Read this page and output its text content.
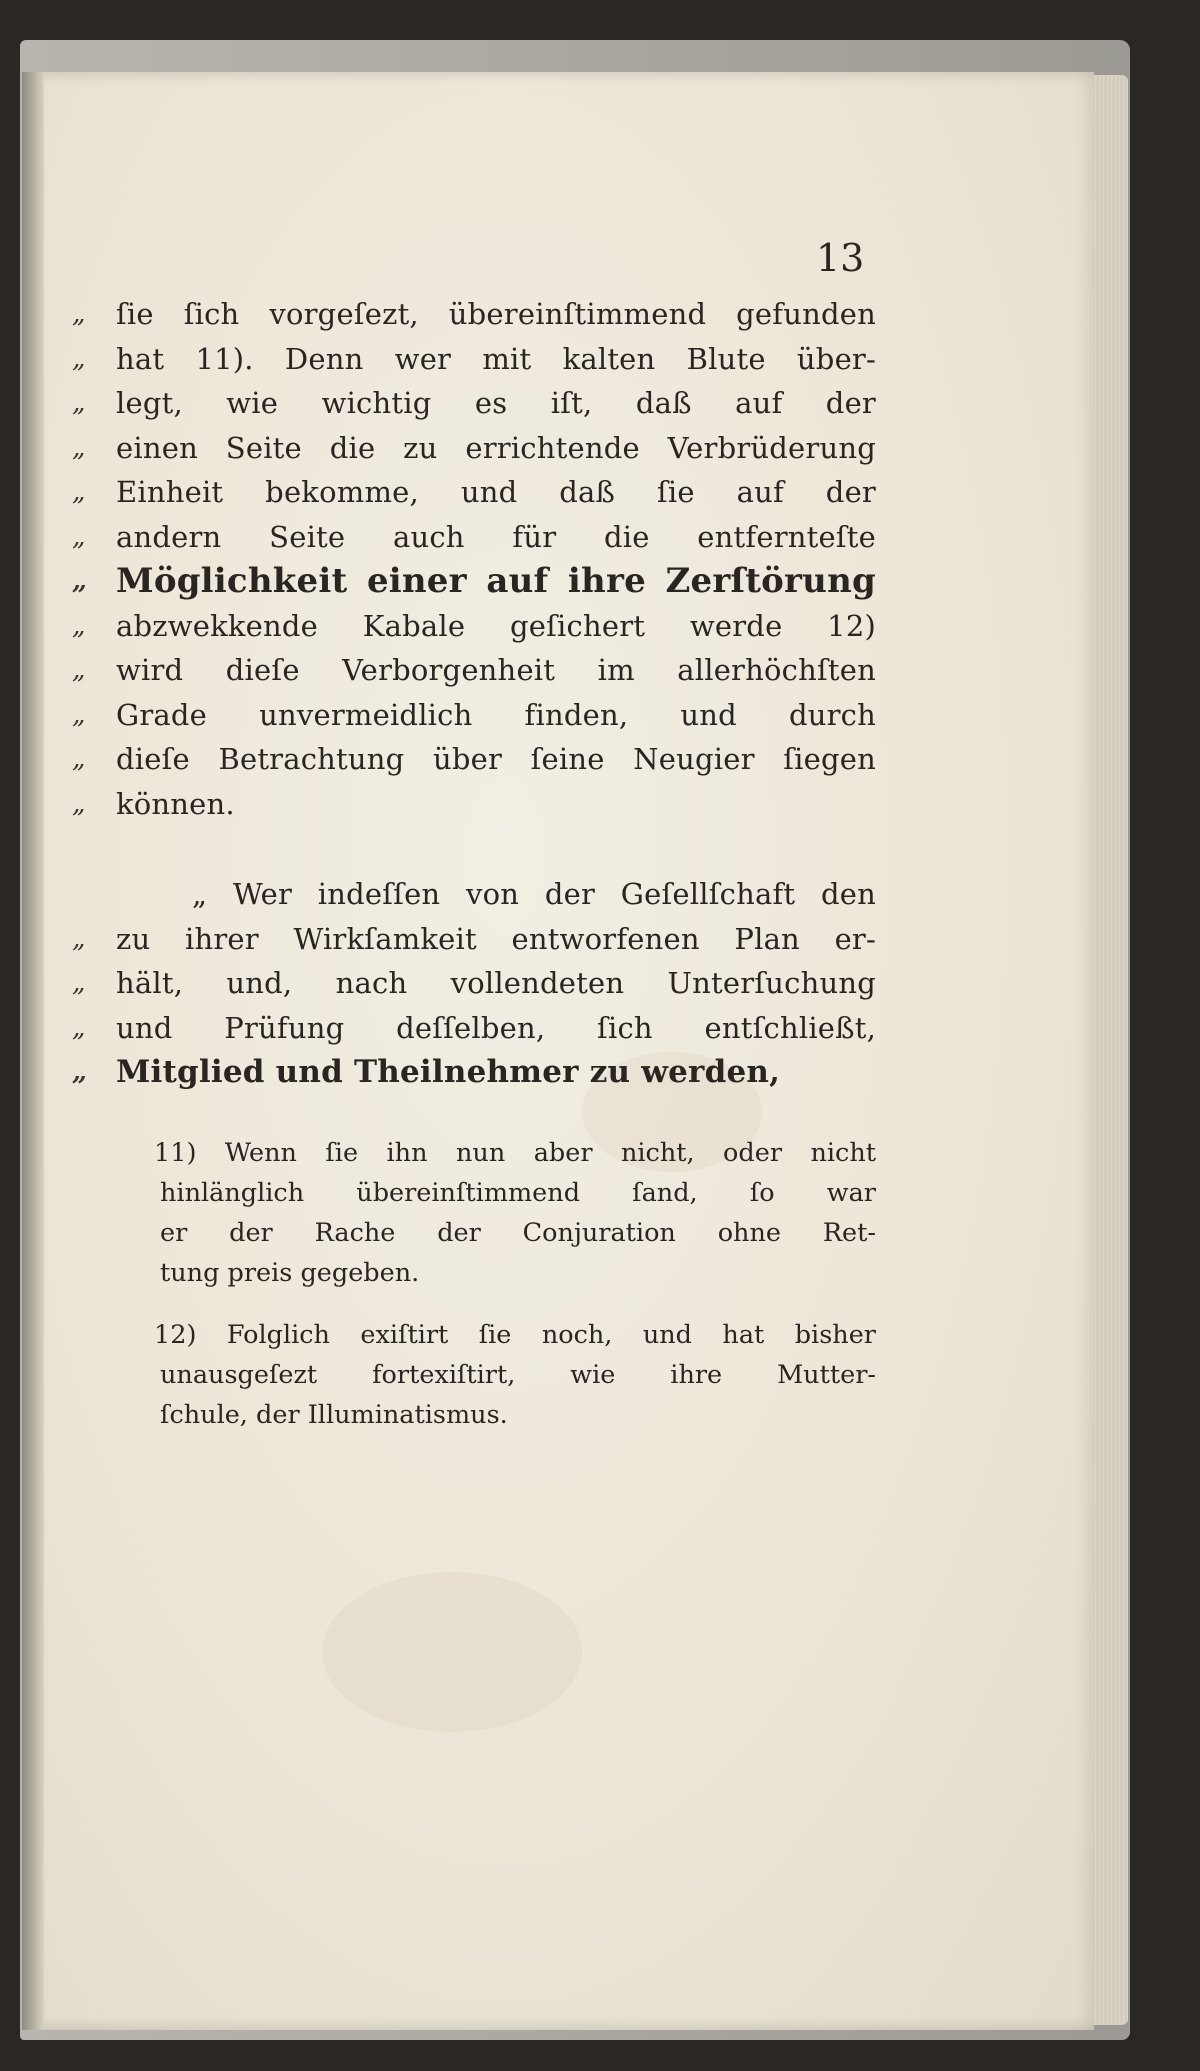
13
„ ſie ſich vorgeſezt, übereinſtimmend gefunden
„ hat 11). Denn wer mit kalten Blute über-
„ legt, wie wichtig es iſt, daß auf der
„ einen Seite die zu errichtende Verbrüderung
„ Einheit bekomme, und daß ſie auf der
„ andern Seite auch für die entfernteſte
„ Möglichkeit einer auf ihre Zerſtörung
„ abzwekkende Kabale geſichert werde 12)
„ wird dieſe Verborgenheit im allerhöchſten
„ Grade unvermeidlich finden, und durch
„ dieſe Betrachtung über ſeine Neugier ſiegen
„ können.
„ Wer indeſſen von der Geſellſchaft den
„ zu ihrer Wirkſamkeit entworfenen Plan er-
„ hält, und, nach vollendeten Unterſuchung
„ und Prüfung deſſelben, ſich entſchließt,
„ Mitglied und Theilnehmer zu werden,
11) Wenn ſie ihn nun aber nicht, oder nicht
hinlänglich übereinſtimmend ſand, ſo war
er der Rache der Conjuration ohne Ret-
tung preis gegeben.
12) Folglich exiſtirt ſie noch, und hat bisher
unausgeſezt fortexiſtirt, wie ihre Mutter-
ſchule, der Illuminatismus.
